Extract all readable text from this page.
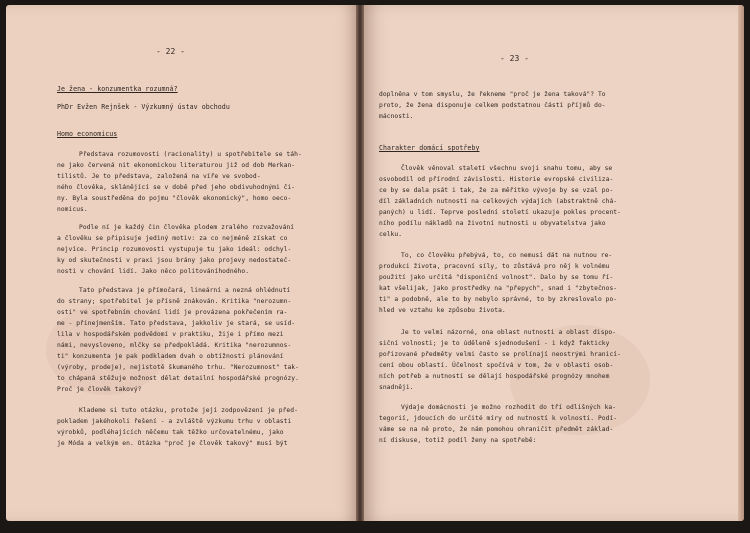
- 22 -
Je žena - konzumentka rozumná?
PhDr Evžen Rejnšek - Výzkumný ústav obchodu
Homo economicus
Představa rozumovosti (racionality) u spotřebitele se táh-
ne jako červená nit ekonomickou literaturou již od dob Merkan-
tilistů. Je to představa, založená na víře ve svobod-
ného člověka, sklánějící se v době před jeho obdivuhodnými či-
ny. Byla soustředěna do pojmu "člověk ekonomický", homo oeco-
nomicus.
Podle ní je každý čin člověka plodem zralého rozvažování
a člověku se připisuje jediný motiv: za co nejméně získat co
nejvíce. Princip rozumovosti vystupuje tu jako ideál: odchyl-
ky od skutečnosti v praxi jsou brány jako projevy nedostateč-
nosti v chování lidí. Jako něco politováníhodného.
Tato představa je přímočará, lineární a nezná ohlédnutí
do strany; spotřebitel je přísně znákován. Kritika "nerozumn-
osti" ve spotřebním chování lidí je provázena pokřečením ra-
me - přinejmenším. Tato představa, jakkoliv je stará, se usíd-
lila v hospodářském podvědomí v praktiku, žije i přímo mezi
námi, nevysloveno, mlčky se předpokládá. Kritika "nerozumnos-
ti" konzumenta je pak podkladem dvah o obtížnosti plánování
(výroby, prodeje), nejistotě škumaného trhu. "Nerozumnost" tak-
to chápaná stěžuje možnost dělat detailní hospodářské prognózy.
Proč je člověk takový?
Klademe si tuto otázku, protože její zodpovězení je před-
pokladem jakéhokoli řešení - a zvláště výzkumu trhu v oblasti
výrobků, podléhajících něčemu tak těžko určovatelnému, jako
je Móda a velkým en. Otázka "proč je člověk takový" musí být
- 23 -
doplněna v tom smyslu, že řekneme "proč je žena taková"? To
proto, že žena disponuje celkem podstatnou částí příjmů do-
mácnosti.
Charakter domácí spotřeby
Člověk věnoval staletí všechnu svoji snahu tomu, aby se
osvobodil od přírodní závislosti. Historie evropské civiliza-
ce by se dala psát i tak, že za měřítko vývoje by se vzal po-
díl základních nutností na celkových výdajích (abstraktně chá-
paných) u lidí. Teprve poslední století ukazuje pokles procent-
ního podílu nákladů na životní nutnosti u obyvatelstva jako
celku.
To, co člověku přebývá, to, co nemusí dát na nutnou re-
produkci života, pracovní síly, to zůstává pro něj k volnému
použití jako určitá "disponiční volnost". Dalo by se tomu ří-
kat všelijak, jako prostředky na "přepych", snad i "zbytečnos-
ti" a podobně, ale to by nebylo správné, to by zkreslovalo po-
hled ve vztahu ke způsobu života.
Je to velmi názorné, ona oblast nutnosti a oblast dispo-
siční volnosti; je to úděleně sjednodušení - i když fakticky
pořizované předměty velmi často se prolínají neostrými hranicí-
cení obou oblastí. Účelnost spočívá v tom, že v oblasti osob-
ních potřeb a nutností se dělají hospodářské prognózy mnohem
snadněji.
Výdaje domácnosti je možno rozhodit do tří odlišných ka-
tegorií, jdoucích do určité míry od nutností k volnosti. Podí-
váme se na ně proto, že nám pomohou ohraničit předmět základ-
ní diskuse, totiž podíl ženy na spotřebě:
